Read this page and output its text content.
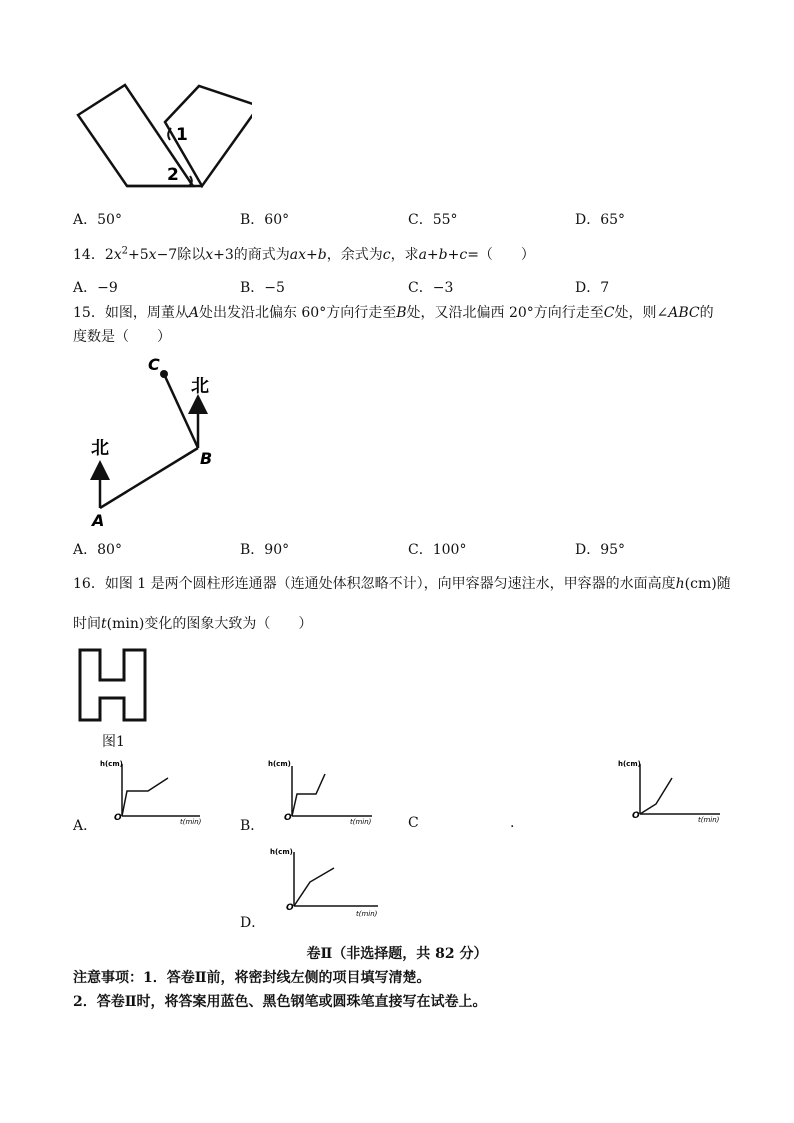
1
2
A．50°	B．60°	C．55°	D．65°
14．$2x^2+5x-7$除以x+3的商式为ax+b，余式为c，求a+b+c=（　　）
A．−9	B．−5	C．−3	D．7
15．如图，周董从A处出发沿北偏东 60°方向行走至B处，又沿北偏西 20°方向行走至C处，则∠ABC的
度数是（　　）
北
北
A
B
C
A．80°	B．90°	C．100°	D．95°
16．如图 1 是两个圆柱形连通器（连通处体积忽略不计），向甲容器匀速注水，甲容器的水面高度h(cm)随
时间t(min)变化的图象大致为（　　）
图1
A．
h(cm)
t(min)
O	B．
h(cm)
t(min)
O	C	.
h(cm)
t(min)
O
D．
h(cm)
t(min)
O
卷Ⅱ（非选择题，共 82 分）
注意事项：1．答卷Ⅱ前，将密封线左侧的项目填写清楚。
2．答卷Ⅱ时，将答案用蓝色、黑色钢笔或圆珠笔直接写在试卷上。
